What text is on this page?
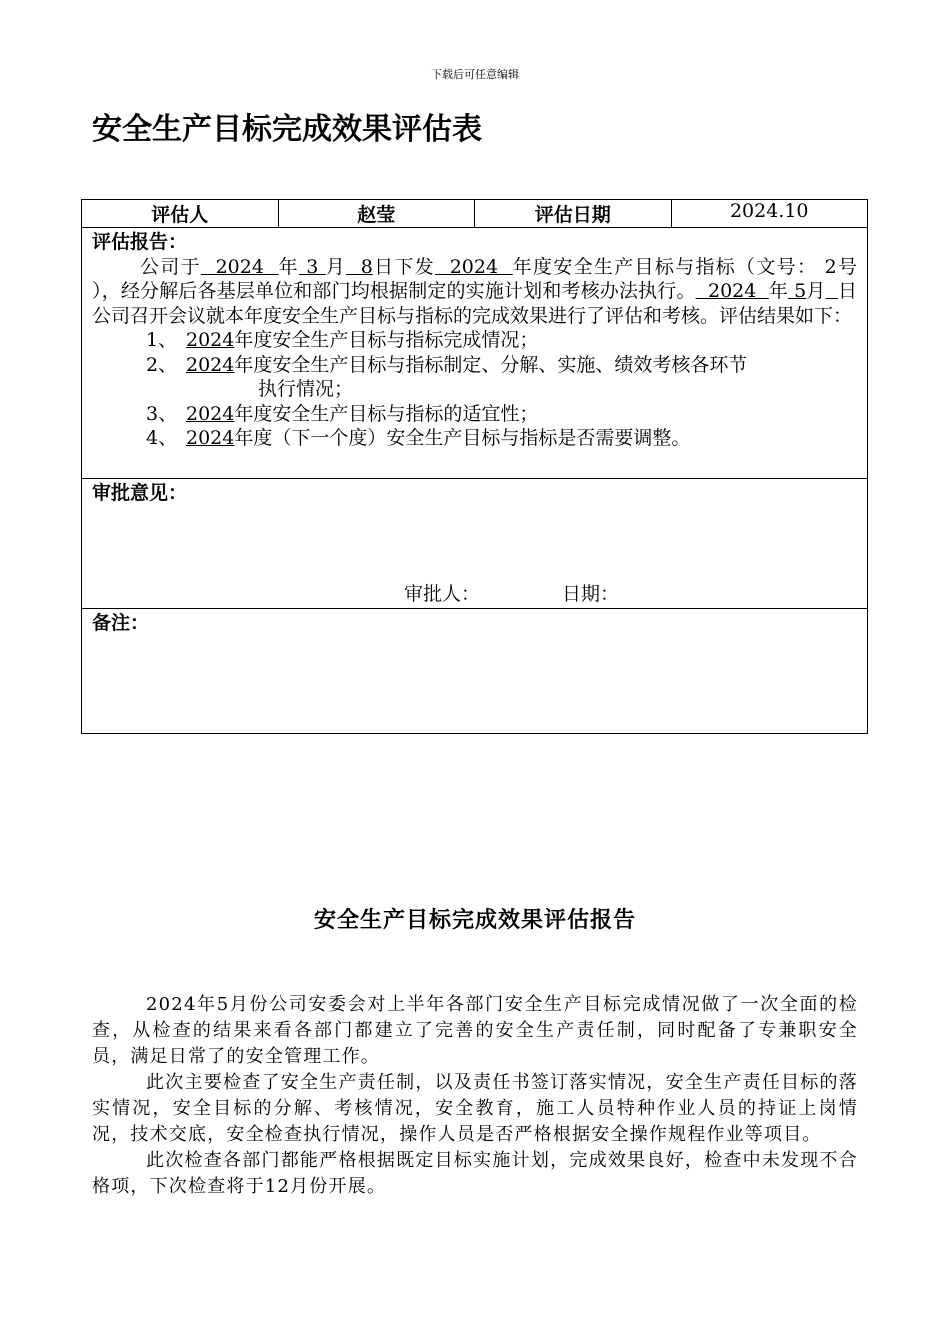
下载后可任意编辑
安全生产目标完成效果评估表
评估人	赵莹	评估日期	2024.10

评估报告：
公司于  2024  年 3 月  8日下发  2024  年度安全生产目标与指标（文号： 2号    ），经分解后各基层单位和部门均根据制定的实施计划和考核办法执行。  2024  年 5月 日公司召开会议就本年度安全生产目标与指标的完成效果进行了评估和考核。评估结果如下：
1、 2024年度安全生产目标与指标完成情况；
2、 2024年度安全生产目标与指标制定、分解、实施、绩效考核各环节
执行情况；
3、 2024年度安全生产目标与指标的适宜性；
4、 2024年度（下一个度）安全生产目标与指标是否需要调整。

审批意见：
审批人：	日期：

备注：
安全生产目标完成效果评估报告

2024年5月份公司安委会对上半年各部门安全生产目标完成情况做了一次全面的检查，从检查的结果来看各部门都建立了完善的安全生产责任制，同时配备了专兼职安全员，满足日常了的安全管理工作。

此次主要检查了安全生产责任制，以及责任书签订落实情况，安全生产责任目标的落实情况，安全目标的分解、考核情况，安全教育，施工人员特种作业人员的持证上岗情况，技术交底，安全检查执行情况，操作人员是否严格根据安全操作规程作业等项目。

此次检查各部门都能严格根据既定目标实施计划，完成效果良好，检查中未发现不合格项，下次检查将于12月份开展。
